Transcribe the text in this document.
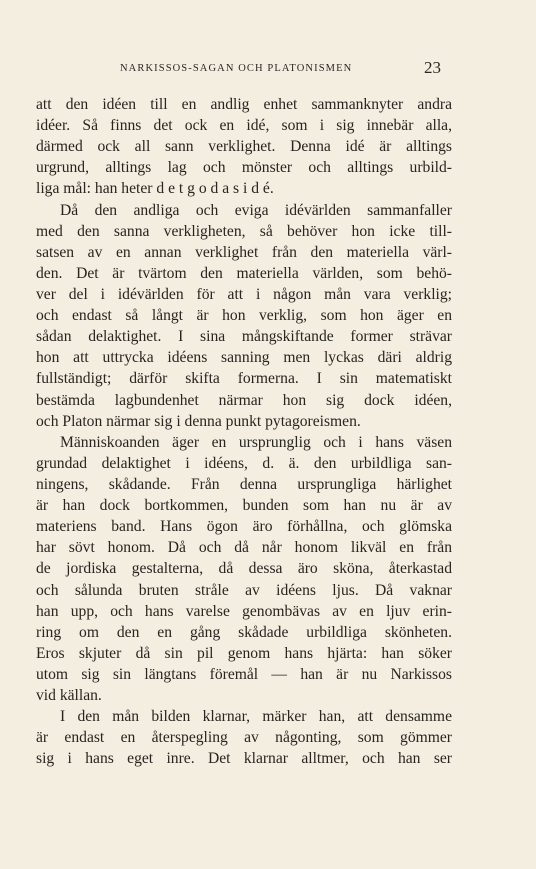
NARKISSOS-SAGAN OCH PLATONISMEN	23
att den idéen till en andlig enhet sammanknyter andra
idéer. Så finns det ock en idé, som i sig innebär alla,
därmed ock all sann verklighet. Denna idé är alltings
urgrund, alltings lag och mönster och alltings urbild-
liga mål: han heter d e t g o d a s i d é.
Då den andliga och eviga idévärlden sammanfaller
med den sanna verkligheten, så behöver hon icke till-
satsen av en annan verklighet från den materiella värl-
den. Det är tvärtom den materiella världen, som behö-
ver del i idévärlden för att i någon mån vara verklig;
och endast så långt är hon verklig, som hon äger en
sådan delaktighet. I sina mångskiftande former strävar
hon att uttrycka idéens sanning men lyckas däri aldrig
fullständigt; därför skifta formerna. I sin matematiskt
bestämda lagbundenhet närmar hon sig dock idéen,
och Platon närmar sig i denna punkt pytagoreismen.
Människoanden äger en ursprunglig och i hans väsen
grundad delaktighet i idéens, d. ä. den urbildliga san-
ningens, skådande. Från denna ursprungliga härlighet
är han dock bortkommen, bunden som han nu är av
materiens band. Hans ögon äro förhållna, och glömska
har sövt honom. Då och då når honom likväl en från
de jordiska gestalterna, då dessa äro sköna, återkastad
och sålunda bruten stråle av idéens ljus. Då vaknar
han upp, och hans varelse genombävas av en ljuv erin-
ring om den en gång skådade urbildliga skönheten.
Eros skjuter då sin pil genom hans hjärta: han söker
utom sig sin längtans föremål — han är nu Narkissos
vid källan.
I den mån bilden klarnar, märker han, att densamme
är endast en återspegling av någonting, som gömmer
sig i hans eget inre. Det klarnar alltmer, och han ser
